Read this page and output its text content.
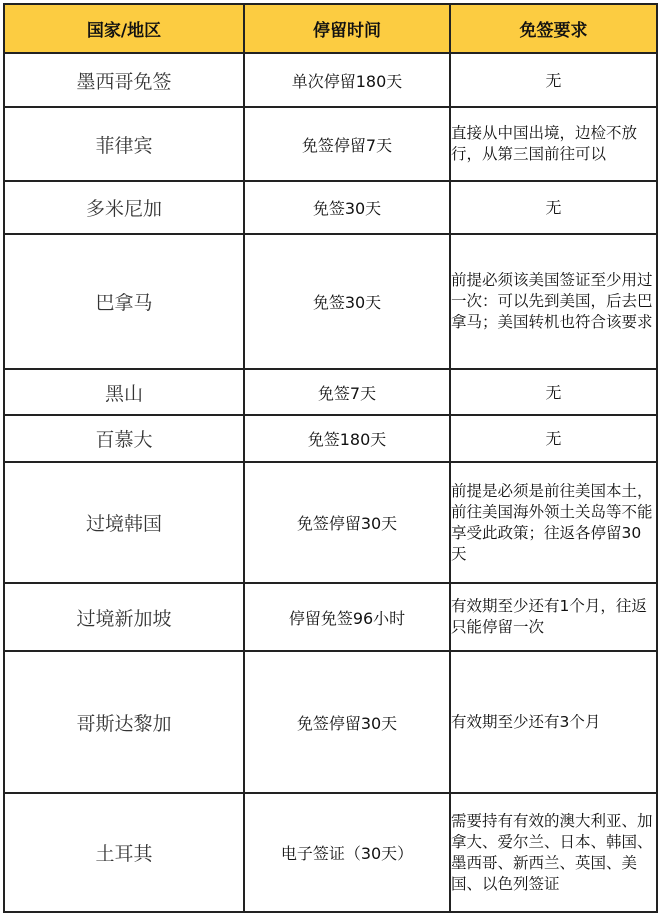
国家/地区	停留时间	免签要求
墨西哥免签	单次停留180天	无
菲律宾	免签停留7天	直接从中国出境，边检不放行，从第三国前往可以
多米尼加	免签30天	无
巴拿马	免签30天	前提必须该美国签证至少用过一次：可以先到美国，后去巴拿马；美国转机也符合该要求
黑山	免签7天	无
百慕大	免签180天	无
过境韩国	免签停留30天	前提是必须是前往美国本土，前往美国海外领土关岛等不能享受此政策；往返各停留30天
过境新加坡	停留免签96小时	有效期至少还有1个月，往返只能停留一次
哥斯达黎加	免签停留30天	有效期至少还有3个月
土耳其	电子签证（30天）	需要持有有效的澳大利亚、加拿大、爱尔兰、日本、韩国、墨西哥、新西兰、英国、美国、以色列签证
